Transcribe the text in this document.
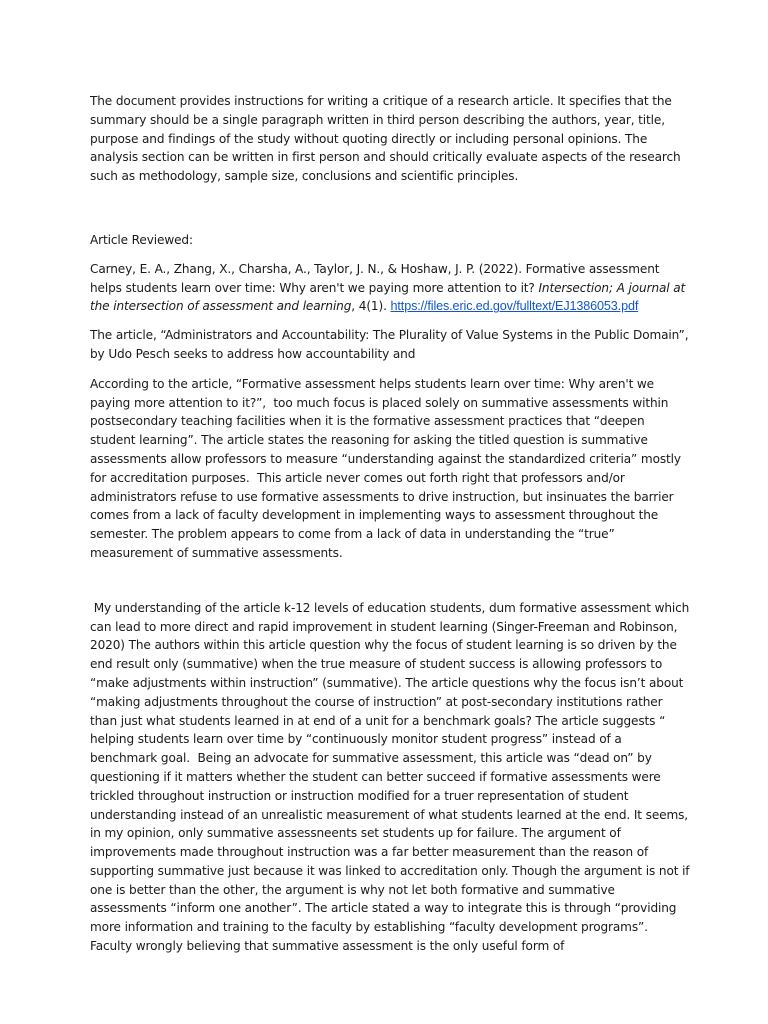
The document provides instructions for writing a critique of a research article. It specifies that the summary should be a single paragraph written in third person describing the authors, year, title, purpose and findings of the study without quoting directly or including personal opinions. The analysis section can be written in first person and should critically evaluate aspects of the research such as methodology, sample size, conclusions and scientific principles.

Article Reviewed:

Carney, E. A., Zhang, X., Charsha, A., Taylor, J. N., & Hoshaw, J. P. (2022). Formative assessment helps students learn over time: Why aren't we paying more attention to it? Intersection; A journal at the intersection of assessment and learning, 4(1). https://files.eric.ed.gov/fulltext/EJ1386053.pdf

The article, “Administrators and Accountability: The Plurality of Value Systems in the Public Domain”, by Udo Pesch seeks to address how accountability and

According to the article, “Formative assessment helps students learn over time: Why aren't we paying more attention to it?”,  too much focus is placed solely on summative assessments within postsecondary teaching facilities when it is the formative assessment practices that “deepen student learning”. The article states the reasoning for asking the titled question is summative assessments allow professors to measure “understanding against the standardized criteria” mostly for accreditation purposes.  This article never comes out forth right that professors and/or administrators refuse to use formative assessments to drive instruction, but insinuates the barrier comes from a lack of faculty development in implementing ways to assessment throughout the semester. The problem appears to come from a lack of data in understanding the “true” measurement of summative assessments.

My understanding of the article k-12 levels of education students, dum formative assessment which can lead to more direct and rapid improvement in student learning (Singer-Freeman and Robinson, 2020) The authors within this article question why the focus of student learning is so driven by the end result only (summative) when the true measure of student success is allowing professors to “make adjustments within instruction” (summative). The article questions why the focus isn’t about “making adjustments throughout the course of instruction” at post-secondary institutions rather than just what students learned in at end of a unit for a benchmark goals? The article suggests “ helping students learn over time by “continuously monitor student progress” instead of a benchmark goal.  Being an advocate for summative assessment, this article was “dead on” by questioning if it matters whether the student can better succeed if formative assessments were trickled throughout instruction or instruction modified for a truer representation of student understanding instead of an unrealistic measurement of what students learned at the end. It seems, in my opinion, only summative assessneents set students up for failure. The argument of improvements made throughout instruction was a far better measurement than the reason of supporting summative just because it was linked to accreditation only. Though the argument is not if one is better than the other, the argument is why not let both formative and summative assessments “inform one another”. The article stated a way to integrate this is through “providing more information and training to the faculty by establishing “faculty development programs”.  Faculty wrongly believing that summative assessment is the only useful form of
